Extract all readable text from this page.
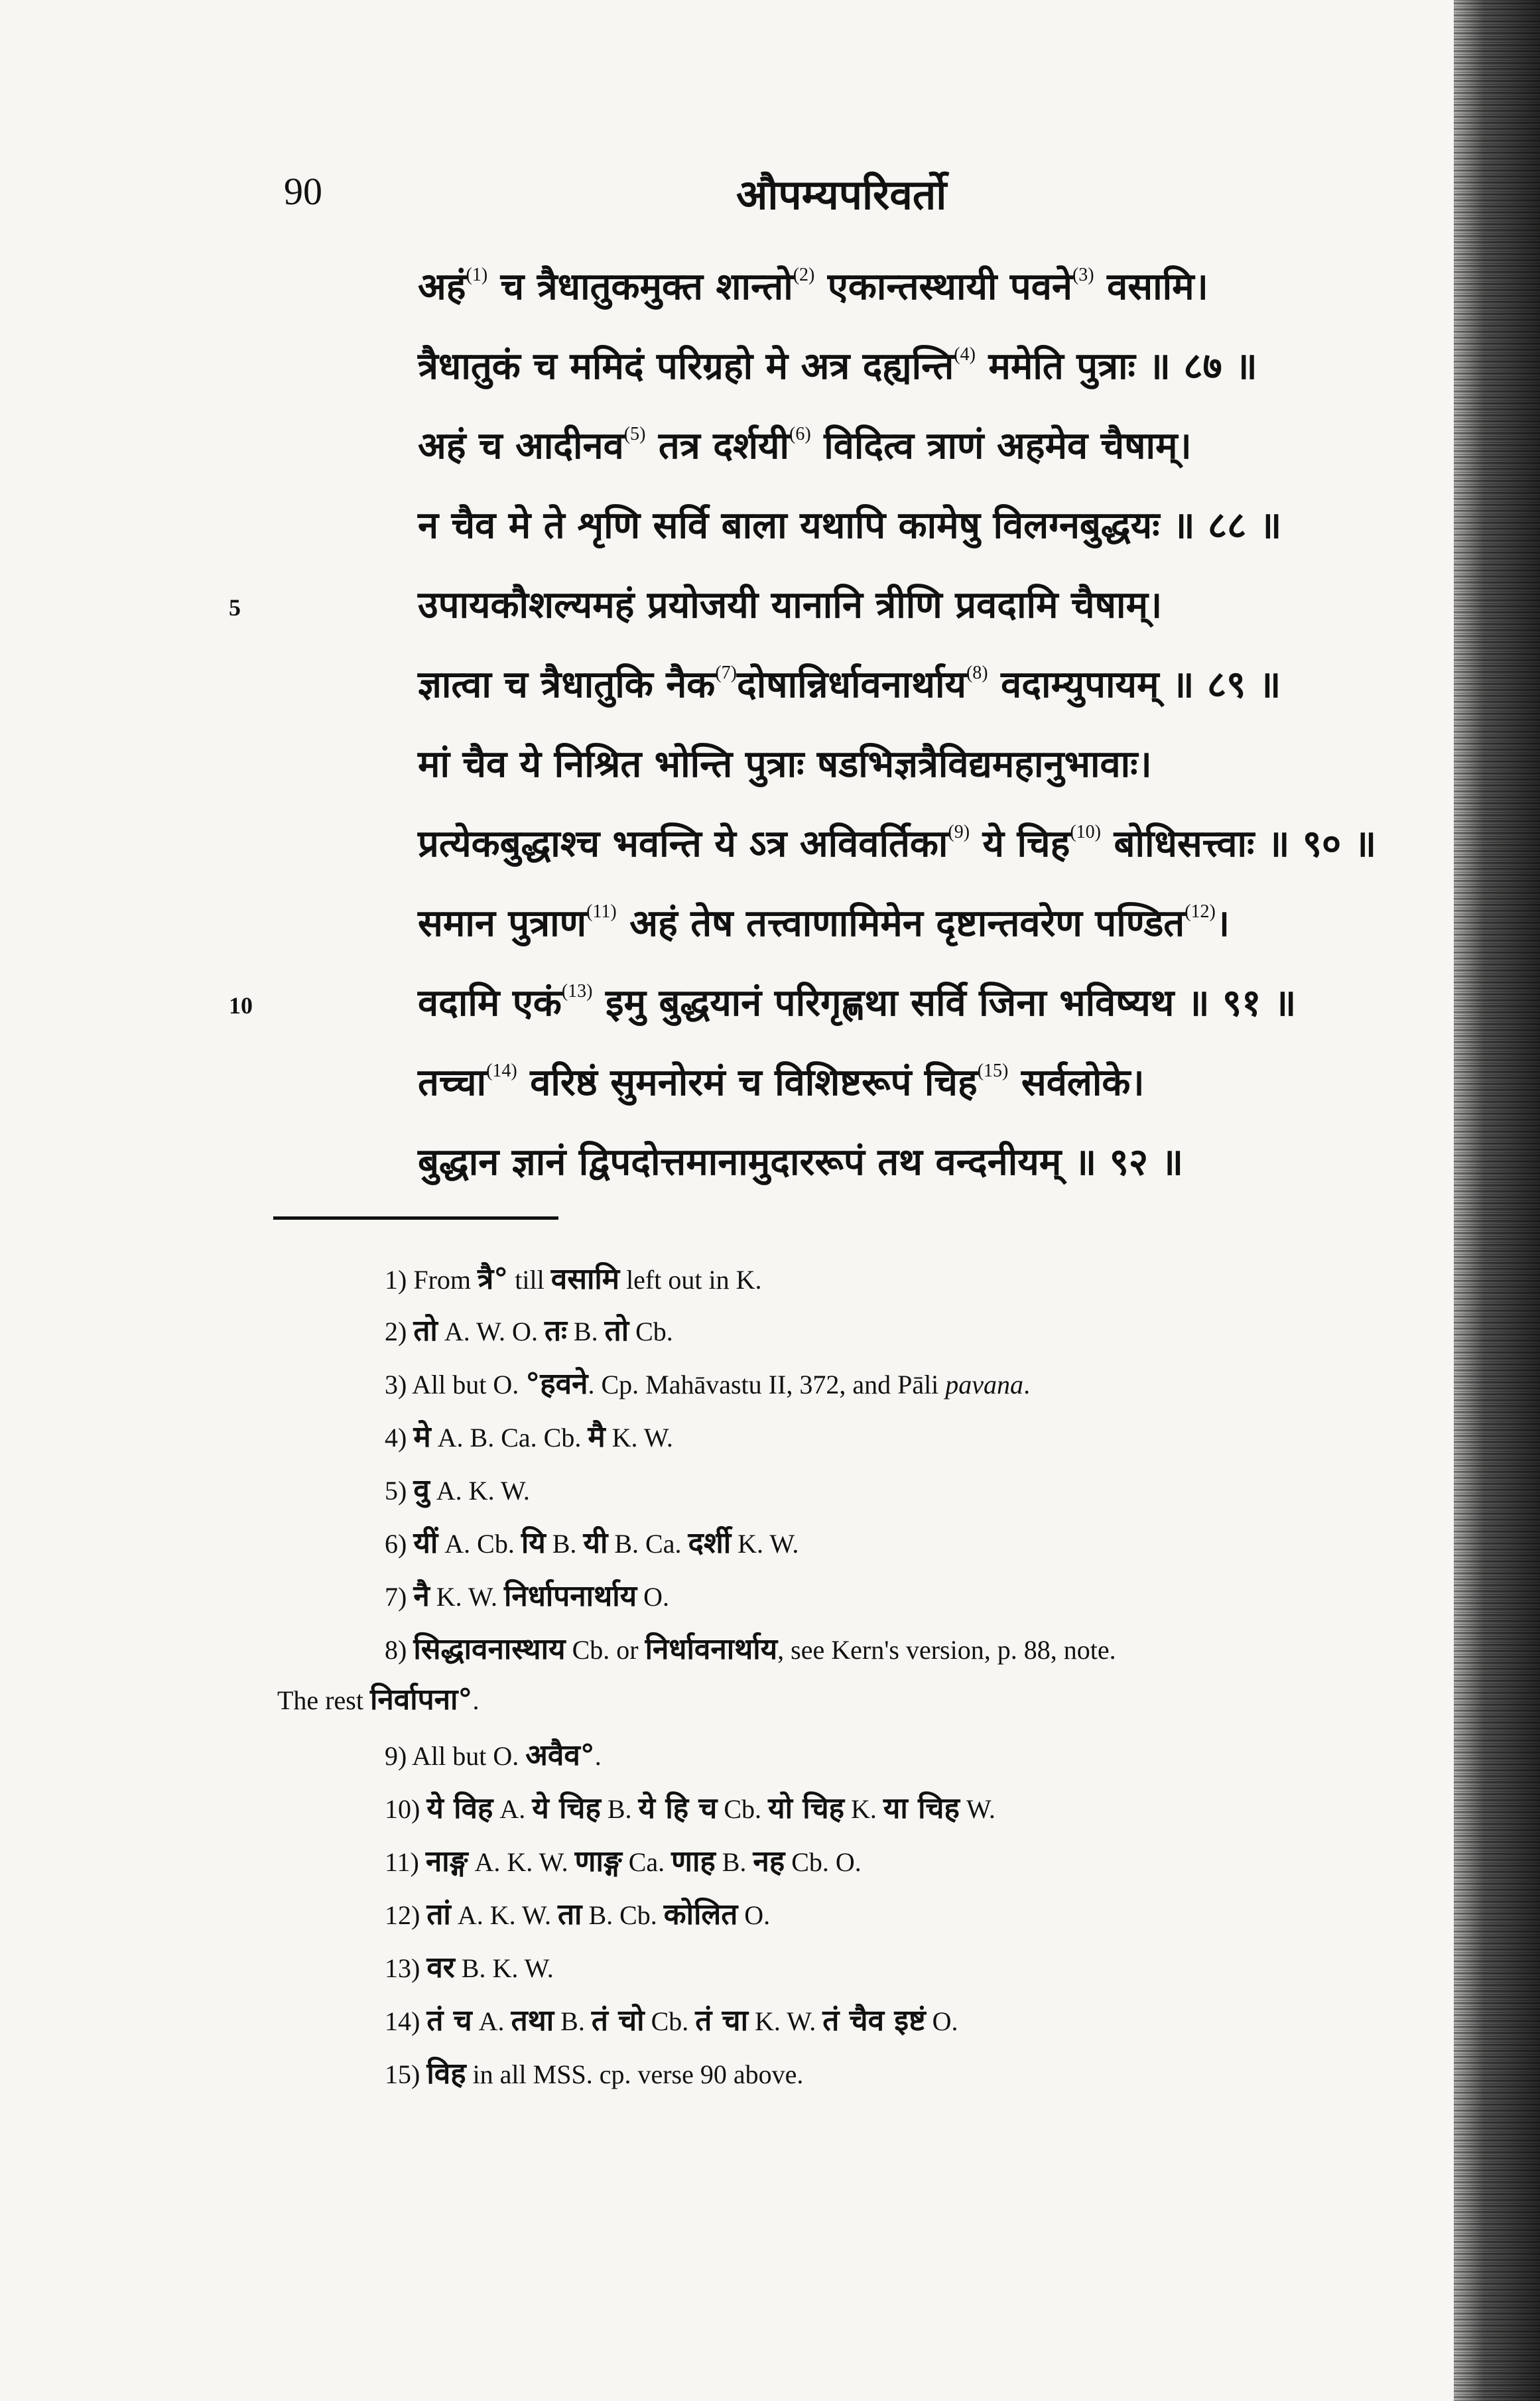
90	औपम्यपरिवर्तो
अहं$^{(1)}$ च त्रैधातुकमुक्त शान्तो$^{(2)}$ एकान्तस्थायी पवने$^{(3)}$ वसामि।
त्रैधातुकं च ममिदं परिग्रहो मे अत्र दह्यन्ति$^{(4)}$ ममेति पुत्राः ॥ ८७ ॥
अहं च आदीनव$^{(5)}$ तत्र दर्शयी$^{(6)}$ विदित्व त्राणं अहमेव चैषाम्।
न चैव मे ते शृणि सर्वि बाला यथापि कामेषु विलग्नबुद्धयः ॥ ८८ ॥
उपायकौशल्यमहं प्रयोजयी यानानि त्रीणि प्रवदामि चैषाम्।
ज्ञात्वा च त्रैधातुकि नैक$^{(7)}$दोषान्निर्धावनार्थाय$^{(8)}$ वदाम्युपायम् ॥ ८९ ॥
मां चैव ये निश्रित भोन्ति पुत्राः षडभिज्ञत्रैविद्यमहानुभावाः।
प्रत्येकबुद्धाश्च भवन्ति ये ऽत्र अविवर्तिका$^{(9)}$ ये चिह$^{(10)}$ बोधिसत्त्वाः ॥ ९० ॥
समान पुत्राण$^{(11)}$ अहं तेष तत्त्वाणामिमेन दृष्टान्तवरेण पण्डित$^{(12)}$।
वदामि एकं$^{(13)}$ इमु बुद्धयानं परिगृह्णथा सर्वि जिना भविष्यथ ॥ ९१ ॥
तच्चा$^{(14)}$ वरिष्ठं सुमनोरमं च विशिष्टरूपं चिह$^{(15)}$ सर्वलोके।
बुद्धान ज्ञानं द्विपदोत्तमानामुदाररूपं तथ वन्दनीयम् ॥ ९२ ॥
5
10
1) From त्रै° till वसामि left out in K.
2) तो A. W. O. तः B. तो Cb.
3) All but O. °हवने. Cp. Mahāvastu II, 372, and Pāli pavana.
4) मे A. B. Ca. Cb. मै K. W.
5) वु A. K. W.
6) यीं A. Cb. यि B. यी B. Ca. दर्शी K. W.
7) नै K. W. निर्धापनार्थाय O.
8) सिद्धावनास्थाय Cb. or निर्धावनार्थाय, see Kern's version, p. 88, note.
The rest निर्वापना°.
9) All but O. अवैव°.
10) ये विह A. ये चिह B. ये हि च Cb. यो चिह K. या चिह W.
11) नाङ्ग A. K. W. णाङ्ग Ca. णाह B. नह Cb. O.
12) तां A. K. W. ता B. Cb. कोलित O.
13) वर B. K. W.
14) तं च A. तथा B. तं चो Cb. तं चा K. W. तं चैव इष्टं O.
15) विह in all MSS. cp. verse 90 above.
